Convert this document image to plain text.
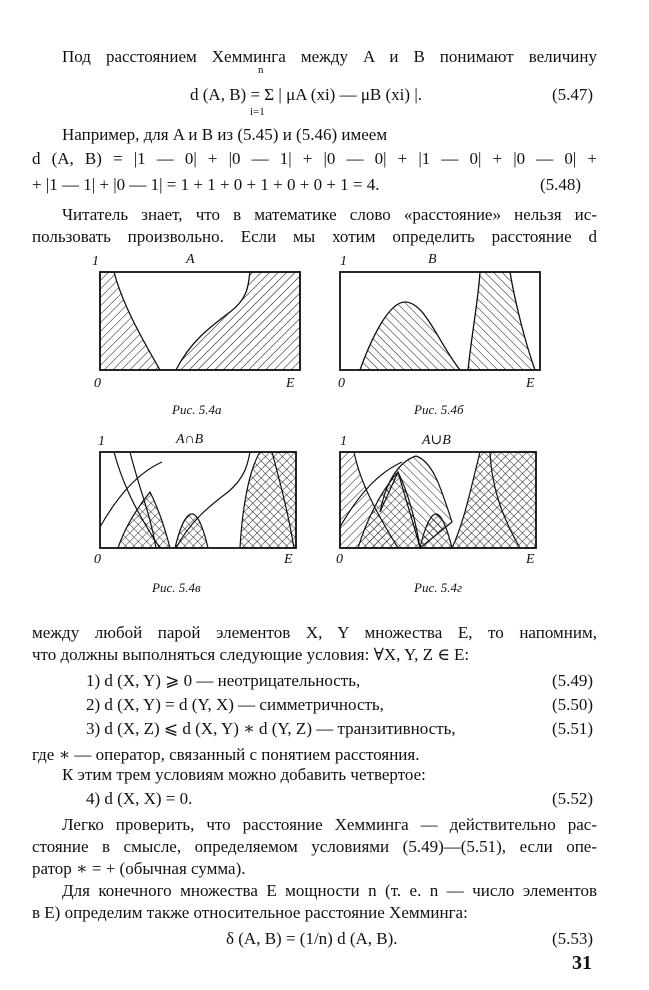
Под расстоянием Хемминга между A и B понимают величину
d (A, B) = Σ | μA (xi) — μB (xi) |.
n
i=1
(5.47)
Например, для A и B из (5.45) и (5.46) имеем
d (A, B) = |1 — 0| + |0 — 1| + |0 — 0| + |1 — 0| + |0 — 0| +
+ |1 — 1| + |0 — 1| = 1 + 1 + 0 + 1 + 0 + 0 + 1 = 4.	(5.48)
Читатель знает, что в математике слово «расстояние» нельзя ис-
пользовать произвольно. Если мы хотим определить расстояние d
1	A
0	E
Рис. 5.4а
1	B
0	E
Рис. 5.4б
1	A∩B
0	E
Рис. 5.4в
1	A∪B
0	E
Рис. 5.4г
между любой парой элементов X, Y множества E, то напомним,
что должны выполняться следующие условия: ∀X, Y, Z ∈ E:
1) d (X, Y) ⩾ 0 — неотрицательность,	(5.49)
2) d (X, Y) = d (Y, X) — симметричность,	(5.50)
3) d (X, Z) ⩽ d (X, Y) ∗ d (Y, Z) — транзитивность,	(5.51)
где ∗ — оператор, связанный с понятием расстояния.
К этим трем условиям можно добавить четвертое:
4) d (X, X) = 0.	(5.52)
Легко проверить, что расстояние Хемминга — действительно рас-
стояние в смысле, определяемом условиями (5.49)—(5.51), если опе-
ратор ∗ = + (обычная сумма).
Для конечного множества E мощности n (т. е. n — число элементов
в E) определим также относительное расстояние Хемминга:
δ (A, B) = (1/n) d (A, B).	(5.53)
31
